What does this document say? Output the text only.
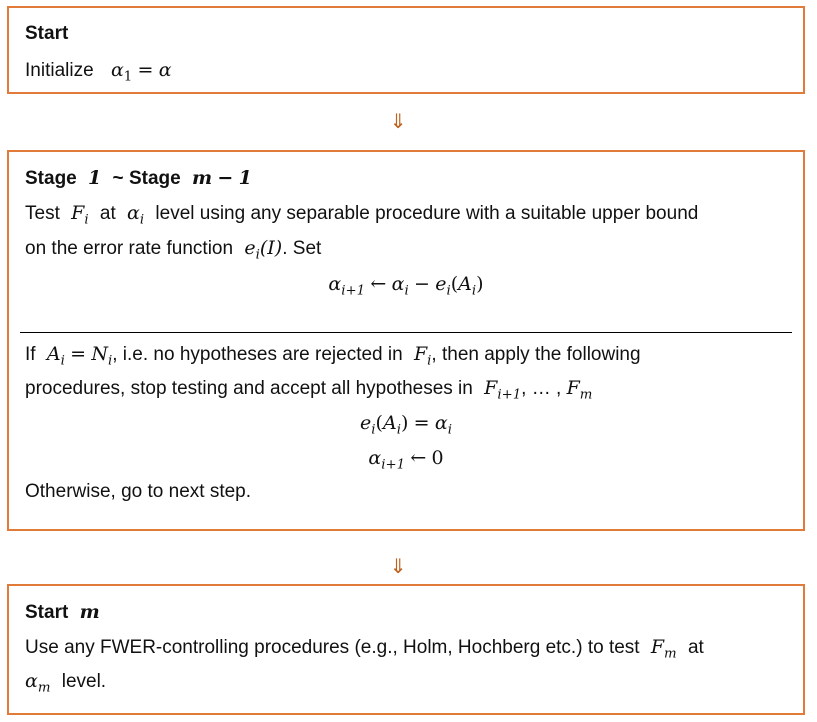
Start
Initialize $\alpha_1 = \alpha$
⇓
Stage 1 ~ Stage m − 1
Test $F_i$ at $\alpha_i$ level using any separable procedure with a suitable upper bound
on the error rate function $e_i(I)$. Set
$\alpha_{i+1}$ ← $\alpha_i - e_i(A_i)$
If $A_i = N_i$, i.e. no hypotheses are rejected in $F_i$, then apply the following
procedures, stop testing and accept all hypotheses in $F_{i+1}$, … , $F_m$
$e_i(A_i) = \alpha_i$
$\alpha_{i+1}$ ← 0
Otherwise, go to next step.
⇓
Start m
Use any FWER-controlling procedures (e.g., Holm, Hochberg etc.) to test $F_m$ at
$\alpha_m$ level.
